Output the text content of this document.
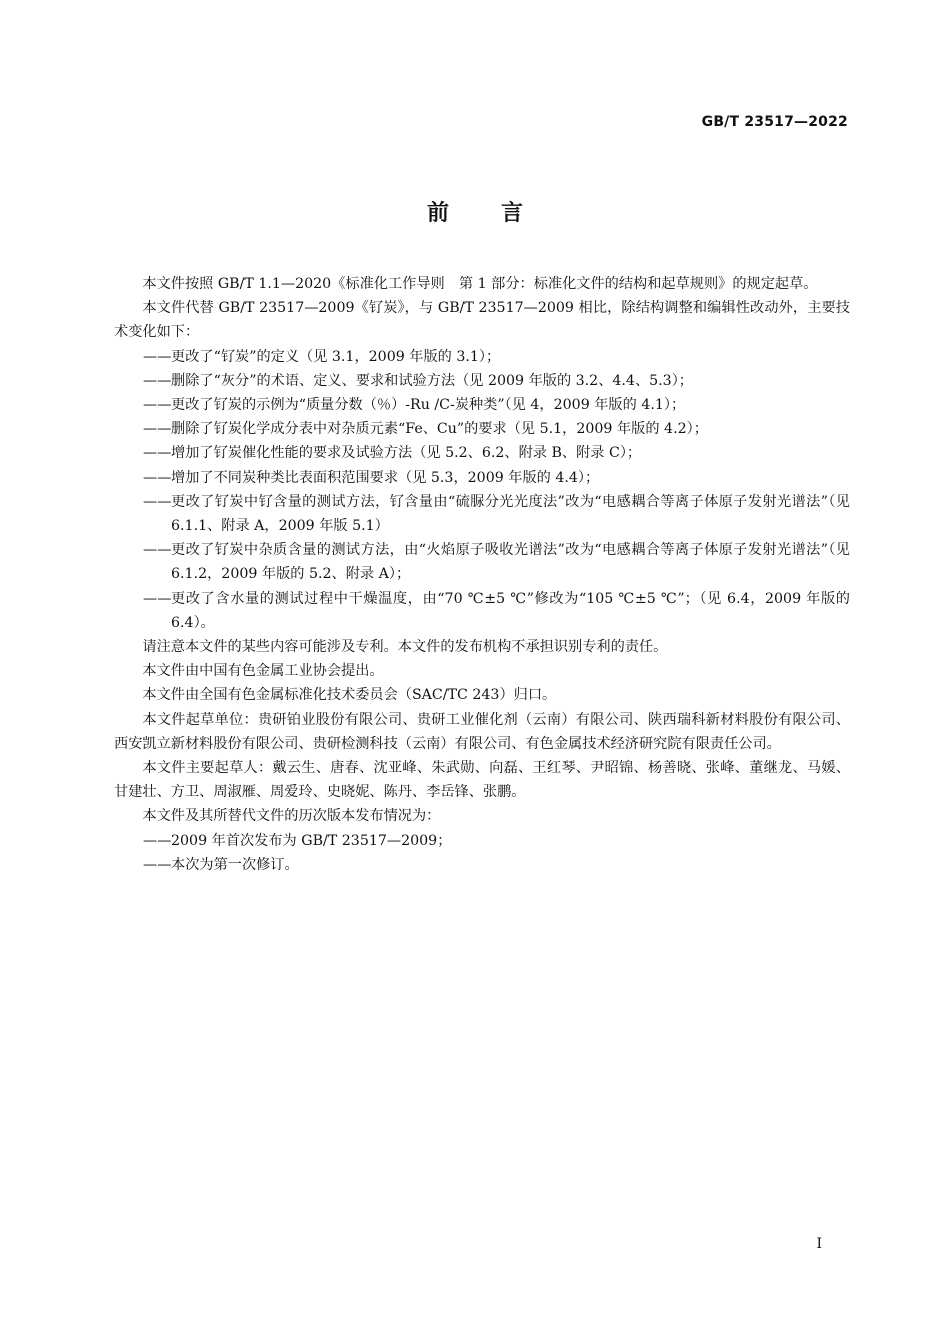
GB/T 23517—2022
前言

本文件按照 GB/T 1.1—2020《标准化工作导则　第 1 部分：标准化文件的结构和起草规则》的规定起草。

本文件代替 GB/T 23517—2009《钌炭》，与 GB/T 23517—2009 相比，除结构调整和编辑性改动外，主要技术变化如下：

—— 更改了“钌炭”的定义（见 3.1，2009 年版的 3.1）；

—— 删除了“灰分”的术语、定义、要求和试验方法（见 2009 年版的 3.2、4.4、5.3）；

—— 更改了钌炭的示例为“质量分数（％）-Ru /C-炭种类”（见 4，2009 年版的 4.1）；

—— 删除了钌炭化学成分表中对杂质元素“Fe、Cu”的要求（见 5.1，2009 年版的 4.2）；

—— 增加了钌炭催化性能的要求及试验方法（见 5.2、6.2、附录 B、附录 C）；

—— 增加了不同炭种类比表面积范围要求（见 5.3，2009 年版的 4.4）；

—— 更改了钌炭中钌含量的测试方法，钌含量由“硫脲分光光度法”改为“电感耦合等离子体原子发射光谱法”（见 6.1.1、附录 A，2009 年版 5.1）

—— 更改了钌炭中杂质含量的测试方法，由“火焰原子吸收光谱法”改为“电感耦合等离子体原子发射光谱法”（见 6.1.2，2009 年版的 5.2、附录 A）；

—— 更改了含水量的测试过程中干燥温度，由“70 ℃±5 ℃”修改为“105 ℃±5 ℃”；（见 6.4，2009 年版的 6.4）。

请注意本文件的某些内容可能涉及专利。本文件的发布机构不承担识别专利的责任。

本文件由中国有色金属工业协会提出。

本文件由全国有色金属标准化技术委员会（SAC/TC 243）归口。

本文件起草单位：贵研铂业股份有限公司、贵研工业催化剂（云南）有限公司、陕西瑞科新材料股份有限公司、西安凯立新材料股份有限公司、贵研检测科技（云南）有限公司、有色金属技术经济研究院有限责任公司。

本文件主要起草人：戴云生、唐春、沈亚峰、朱武勋、向磊、王红琴、尹昭锦、杨善晓、张峰、董继龙、马媛、甘建壮、方卫、周淑雁、周爱玲、史晓妮、陈丹、李岳锋、张鹏。

本文件及其所替代文件的历次版本发布情况为：

—— 2009 年首次发布为 GB/T 23517—2009；

—— 本次为第一次修订。

Ⅰ
